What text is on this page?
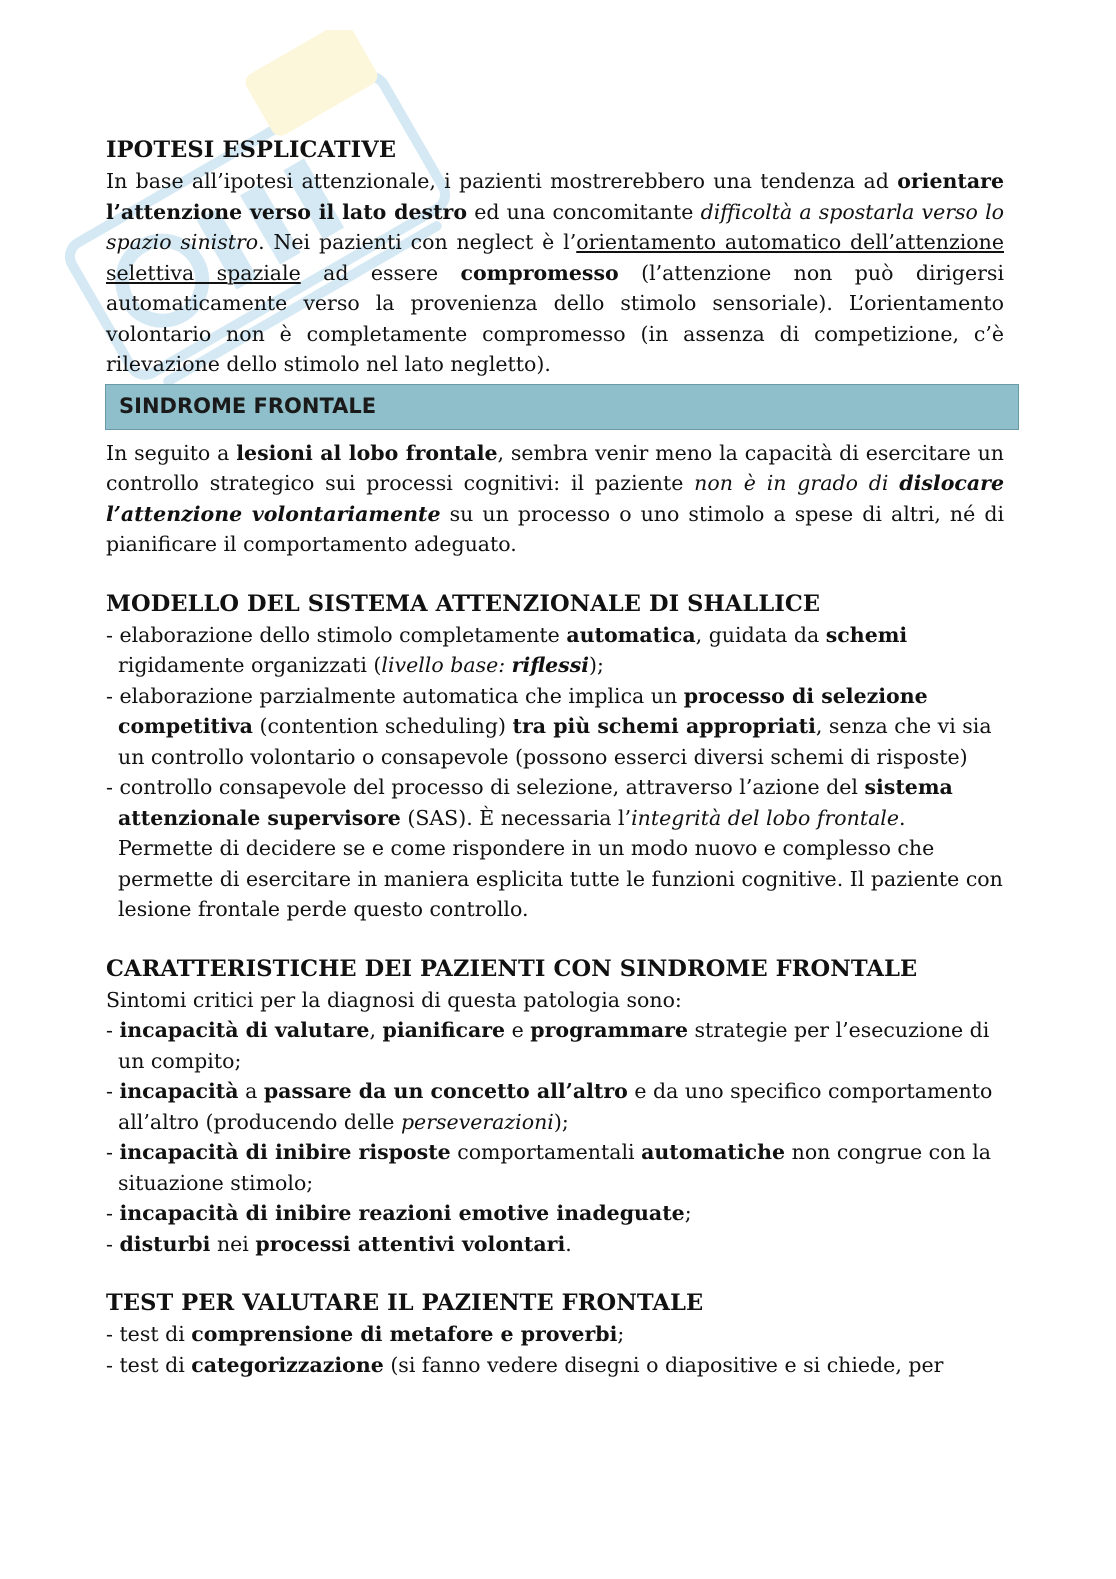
IPOTESI ESPLICATIVE

In base all’ipotesi attenzionale, i pazienti mostrerebbero una tendenza ad orientare l’attenzione verso il lato destro ed una concomitante difficoltà a spostarla verso lo spazio sinistro. Nei pazienti con neglect è l’orientamento automatico dell’attenzione selettiva spaziale ad essere compromesso (l’attenzione non può dirigersi automaticamente verso la provenienza dello stimolo sensoriale). L’orientamento volontario non è completamente compromesso (in assenza di competizione, c’è rilevazione dello stimolo nel lato negletto).

SINDROME FRONTALE

In seguito a lesioni al lobo frontale, sembra venir meno la capacità di esercitare un controllo strategico sui processi cognitivi: il paziente non è in grado di dislocare l’attenzione volontariamente su un processo o uno stimolo a spese di altri, né di pianificare il comportamento adeguato.

MODELLO DEL SISTEMA ATTENZIONALE DI SHALLICE

- elaborazione dello stimolo completamente automatica, guidata da schemi rigidamente organizzati (livello base: riflessi);

- elaborazione parzialmente automatica che implica un processo di selezione competitiva (contention scheduling) tra più schemi appropriati, senza che vi sia un controllo volontario o consapevole (possono esserci diversi schemi di risposte)

- controllo consapevole del processo di selezione, attraverso l’azione del sistema attenzionale supervisore (SAS). È necessaria l’integrità del lobo frontale. Permette di decidere se e come rispondere in un modo nuovo e complesso che permette di esercitare in maniera esplicita tutte le funzioni cognitive. Il paziente con lesione frontale perde questo controllo.

CARATTERISTICHE DEI PAZIENTI CON SINDROME FRONTALE

Sintomi critici per la diagnosi di questa patologia sono:

- incapacità di valutare, pianificare e programmare strategie per l’esecuzione di un compito;

- incapacità a passare da un concetto all’altro e da uno specifico comportamento all’altro (producendo delle perseverazioni);

- incapacità di inibire risposte comportamentali automatiche non congrue con la situazione stimolo;

- incapacità di inibire reazioni emotive inadeguate;

- disturbi nei processi attentivi volontari.

TEST PER VALUTARE IL PAZIENTE FRONTALE

- test di comprensione di metafore e proverbi;

- test di categorizzazione (si fanno vedere disegni o diapositive e si chiede, per
